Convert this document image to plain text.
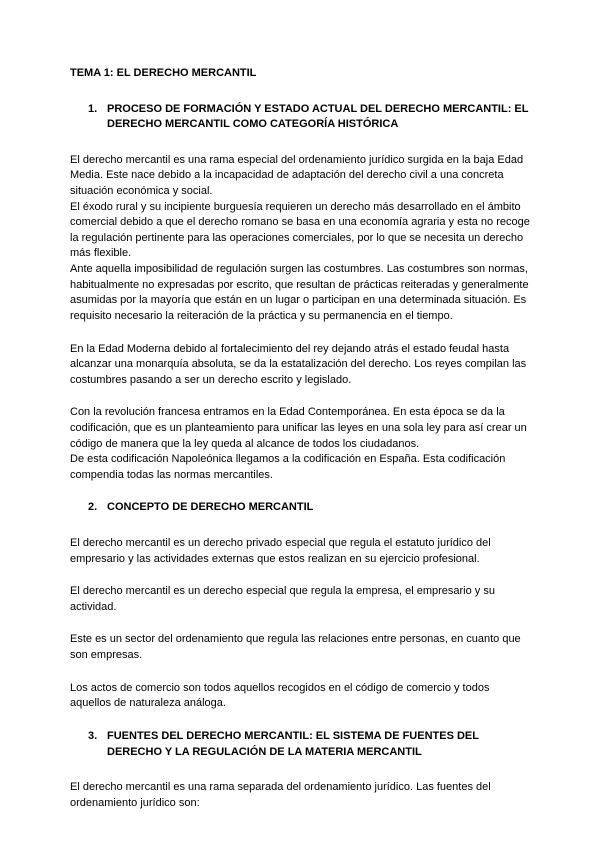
TEMA 1: EL DERECHO MERCANTIL
1. PROCESO DE FORMACIÓN Y ESTADO ACTUAL DEL DERECHO MERCANTIL: EL DERECHO MERCANTIL COMO CATEGORÍA HISTÓRICA

El derecho mercantil es una rama especial del ordenamiento jurídico surgida en la baja Edad Media. Este nace debido a la incapacidad de adaptación del derecho civil a una concreta situación económica y social.

El éxodo rural y su incipiente burguesía requieren un derecho más desarrollado en el ámbito comercial debido a que el derecho romano se basa en una economía agraria y esta no recoge la regulación pertinente para las operaciones comerciales, por lo que se necesita un derecho más flexible.

Ante aquella imposibilidad de regulación surgen las costumbres. Las costumbres son normas, habitualmente no expresadas por escrito, que resultan de prácticas reiteradas y generalmente asumidas por la mayoría que están en un lugar o participan en una determinada situación. Es requisito necesario la reiteración de la práctica y su permanencia en el tiempo.

En la Edad Moderna debido al fortalecimiento del rey dejando atrás el estado feudal hasta alcanzar una monarquía absoluta, se da la estatalización del derecho. Los reyes compilan las costumbres pasando a ser un derecho escrito y legislado.

Con la revolución francesa entramos en la Edad Contemporánea. En esta época se da la codificación, que es un planteamiento para unificar las leyes en una sola ley para así crear un código de manera que la ley queda al alcance de todos los ciudadanos.

De esta codificación Napoleónica llegamos a la codificación en España. Esta codificación compendia todas las normas mercantiles.

2. CONCEPTO DE DERECHO MERCANTIL

El derecho mercantil es un derecho privado especial que regula el estatuto jurídico del empresario y las actividades externas que estos realizan en su ejercicio profesional.

El derecho mercantil es un derecho especial que regula la empresa, el empresario y su actividad.

Este es un sector del ordenamiento que regula las relaciones entre personas, en cuanto que son empresas.

Los actos de comercio son todos aquellos recogidos en el código de comercio y todos aquellos de naturaleza análoga.

3. FUENTES DEL DERECHO MERCANTIL: EL SISTEMA DE FUENTES DEL DERECHO Y LA REGULACIÓN DE LA MATERIA MERCANTIL

El derecho mercantil es una rama separada del ordenamiento jurídico. Las fuentes del ordenamiento jurídico son:
